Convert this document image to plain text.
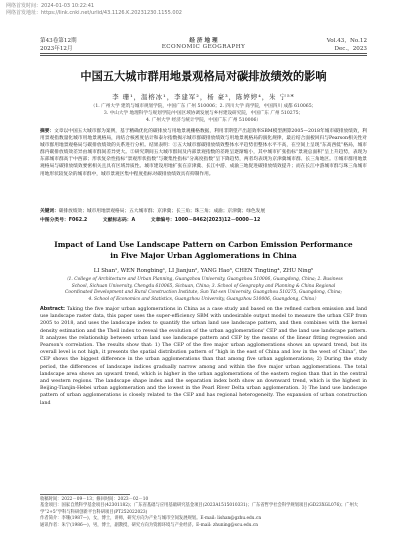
网络首发时间：2024-01-03 10:22:41
网络首发地址：https://link.cnki.net/urlid/43.1126.K.20231230.1155.002
第43卷第12期	经 济 地 理	Vol.43，No.12
2023年12月	ECONOMIC GEOGRAPHY	Dec.，2023
中国五大城市群用地景观格局对碳排放绩效的影响
李 珊¹，温榕冰¹，李建军²，杨 豪³，陈婷婷⁴，朱 宁⁵*
（1. 广州大学 建筑与城市规划学院，中国广东 广州 510006；2. 四川大学 商学院，中国四川 成都 610065；
3. 中山大学 地理科学与规划学院/中国区域协调发展与乡村建设研究院，中国广东 广州 510275；
4. 广州大学 经济与统计学院，中国广东 广州 510006）
摘要：文章以中国五大城市群为案例，基于精确优化的碳排放与用地景观栅格数据，利用非期望产出超效率SBM模型测算2005—2018年城市碳排放绩效，利用景观指数量化城市用地景观格局，再结合核密度估计和泰尔指数揭示城市群碳排放绩效与用地景观格局的演化规律，最后结合面板回归与Pearson相关性对城市群用地景观格局与碳排放绩效的关系进行分析。结果表明：①五大城市群碳排放绩效整体水平趋势但整体水平不高，在空间上呈现“东高西低”格局，城市群内碳排放绩效差异由城市群间差异更大。②研究期间五大城市群间及内部景观指数的差距呈逐渐缩小，其中城市扩张指标“景观总面积”呈上升趋势，表现为东部城市群高于中西部；形状复杂性指标“景观形状指数”与聚集性指标“分离度指数”呈下降趋势，两者均表现为京津冀城市群、长三角地区。③城市群用地景观格局与碳排放绩效要密相关且具有区域异质性。城市建设用地扩张在京津冀、长江中游、成渝三地促进碳排放绩效提升；而在长江中游城市群与珠三角城市用地形状较复杂的城市群中，城市景观区集中程度指标对碳排放绩效具有抑制作用。
关键词：碳排放绩效；城市用地景观格局；五大城市群；京津冀；长三角；珠三角；成渝；京津冀；绿色发展
中图分类号：F062.2	文献标志码：A	文章编号：1000－8462(2023)12－0000－12
Impact of Land Use Landscape Pattern on Carbon Emission Performance in Five Major Urban Agglomerations in China
LI Shan¹, WEN Rongbing¹, LI Jianjun², YANG Hao³, CHEN Tingting⁴, ZHU Ning⁵
（1. College of Architecture and Urban Planning, Guangzhou University, Guangzhou 510006, Guangdong, China; 2. Business
School, Sichuan University, Chengdu 610065, Sichuan, China; 3. School of Geography and Planning & China Regional
Coordinated Development and Rural Construction Institute, Sun Yat-sen University, Guangzhou 510275, Guangdong, China;
4. School of Economics and Statistics, Guangzhou University, Guangzhou 510006, Guangdong, China）
Abstract: Taking the five major urban agglomerations in China as a case study and based on the refined carbon emission and land use landscape raster data, this paper uses the super-efficiency SBM with undesirable output model to measure the urban CEP from 2005 to 2018, and uses the landscape index to quantify the urban land use landscape pattern, and then combines with the kernel density estimation and the Theil index to reveal the evolution of the urban agglomerations' CEP and the land use landscape pattern. It analyzes the relationship between urban land use landscape pattern and CEP by the means of the linear fitting regression and Pearson's correlation. The results show that: 1) The CEP of the five major urban agglomerations shows an upward trend, but its overall level is not high, it presents the spatial distribution pattern of “high in the east of China and low in the west of China”, the CEP shows the biggest difference in the urban agglomerations than that among five urban agglomerations; 2) During the study period, the differences of landscape indices gradually narrow among and within the five major urban agglomerations. The total landscape area shows an upward trend, which is higher in the urban agglomerations of the eastern region than that in the central and western regions. The landscape shape index and the separation index both show an downward trend, which is the highest in Beijing-Tianjin-Hebei urban agglomeration and the lowest in the Pearl River Delta urban agglomeration. 3) The land use landscape pattern of urban agglomerations is closely related to the CEP and has regional heterogeneity. The expansion of urban construction land
收稿时间：2022－09－13；修回时间：2023－02－10
基金项目：国家自然科学基金项目(42301182)；广东省基础与应用基础研究基金项目(2023A1515010331)；广东省哲学社会科学规划项目(GD23XGL076)；广州大学“2+5”学科与科研创新平台科研项目(PT252022023)
作者简介：李珊(1987—)，女，博士，讲师，研究方向为产业与城市空间发展规划。E-mail: lishan@gzhu.edu.cn
通讯作者：朱宁(1986—)，男，博士，副教授，研究方向为资源环境与产业经济。E-mail: zhuning@scu.edu.cn
